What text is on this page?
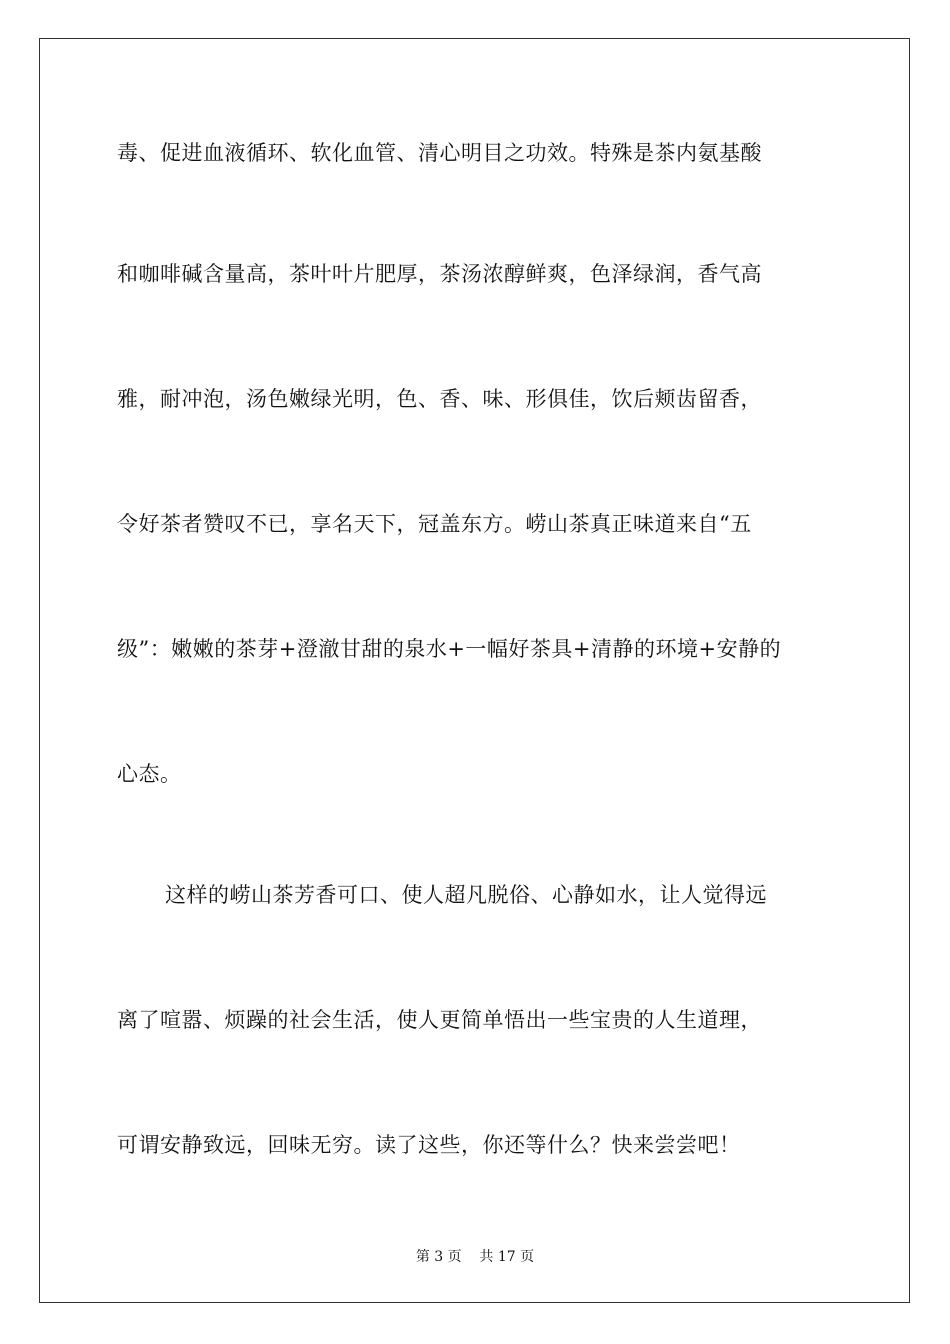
毒、促进血液循环、软化血管、清心明目之功效。特殊是茶内氨基酸
和咖啡碱含量高，茶叶叶片肥厚，茶汤浓醇鲜爽，色泽绿润，香气高
雅，耐冲泡，汤色嫩绿光明，色、香、味、形俱佳，饮后颊齿留香，
令好茶者赞叹不已，享名天下，冠盖东方。崂山茶真正味道来自“五
级”：嫩嫩的茶芽+澄澈甘甜的泉水+一幅好茶具+清静的环境+安静的
心态。
这样的崂山茶芳香可口、使人超凡脱俗、心静如水，让人觉得远
离了喧嚣、烦躁的社会生活，使人更简单悟出一些宝贵的人生道理，
可谓安静致远，回味无穷。读了这些，你还等什么？快来尝尝吧！
第 3 页    共 17 页
